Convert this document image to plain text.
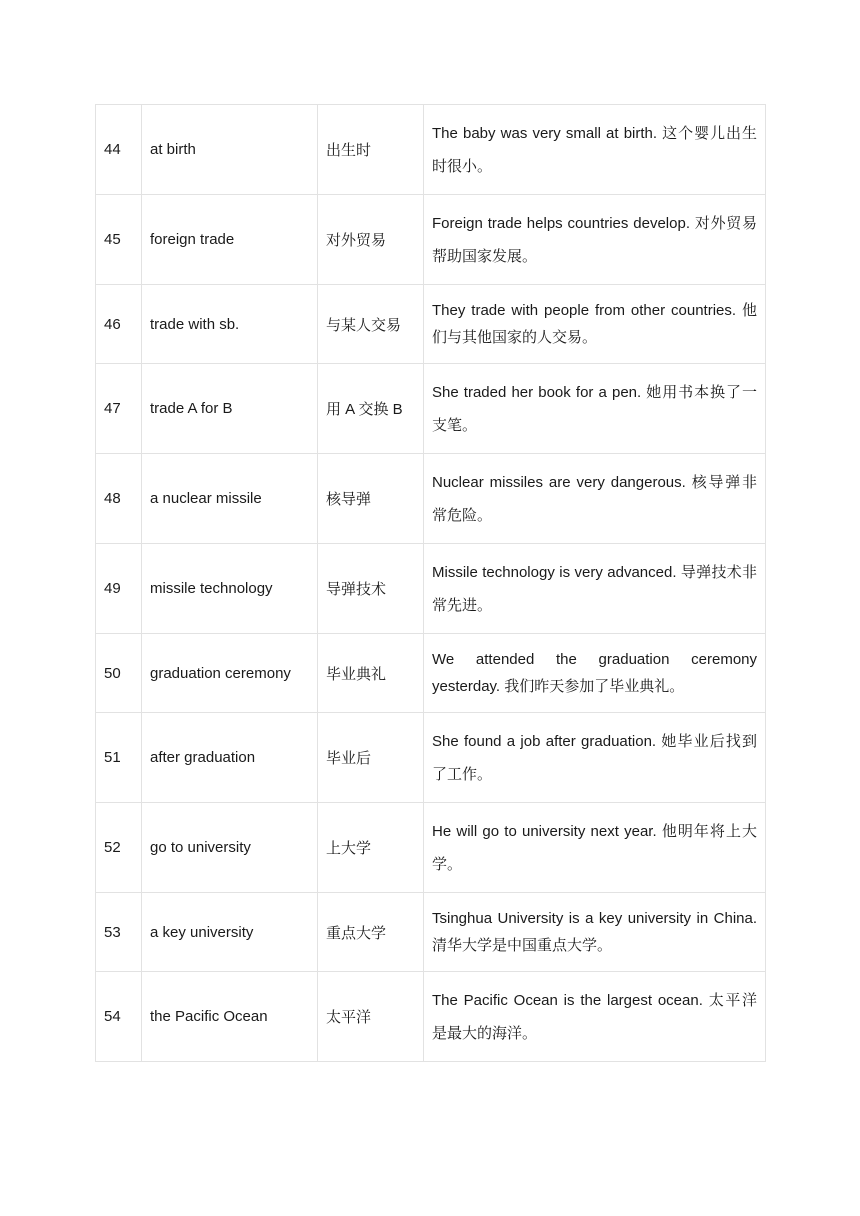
44	at birth	出生时	The baby was very small at birth. 这个婴儿出生时很小。
45	foreign trade	对外贸易	Foreign trade helps countries develop. 对外贸易帮助国家发展。
46	trade with sb.	与某人交易	They trade with people from other countries. 他们与其他国家的人交易。
47	trade A for B	用 A 交换 B	She traded her book for a pen. 她用书本换了一支笔。
48	a nuclear missile	核导弹	Nuclear missiles are very dangerous. 核导弹非常危险。
49	missile technology	导弹技术	Missile technology is very advanced. 导弹技术非常先进。
50	graduation ceremony	毕业典礼	We attended the graduation ceremony yesterday. 我们昨天参加了毕业典礼。
51	after graduation	毕业后	She found a job after graduation. 她毕业后找到了工作。
52	go to university	上大学	He will go to university next year. 他明年将上大学。
53	a key university	重点大学	Tsinghua University is a key university in China. 清华大学是中国重点大学。
54	the Pacific Ocean	太平洋	The Pacific Ocean is the largest ocean. 太平洋是最大的海洋。
